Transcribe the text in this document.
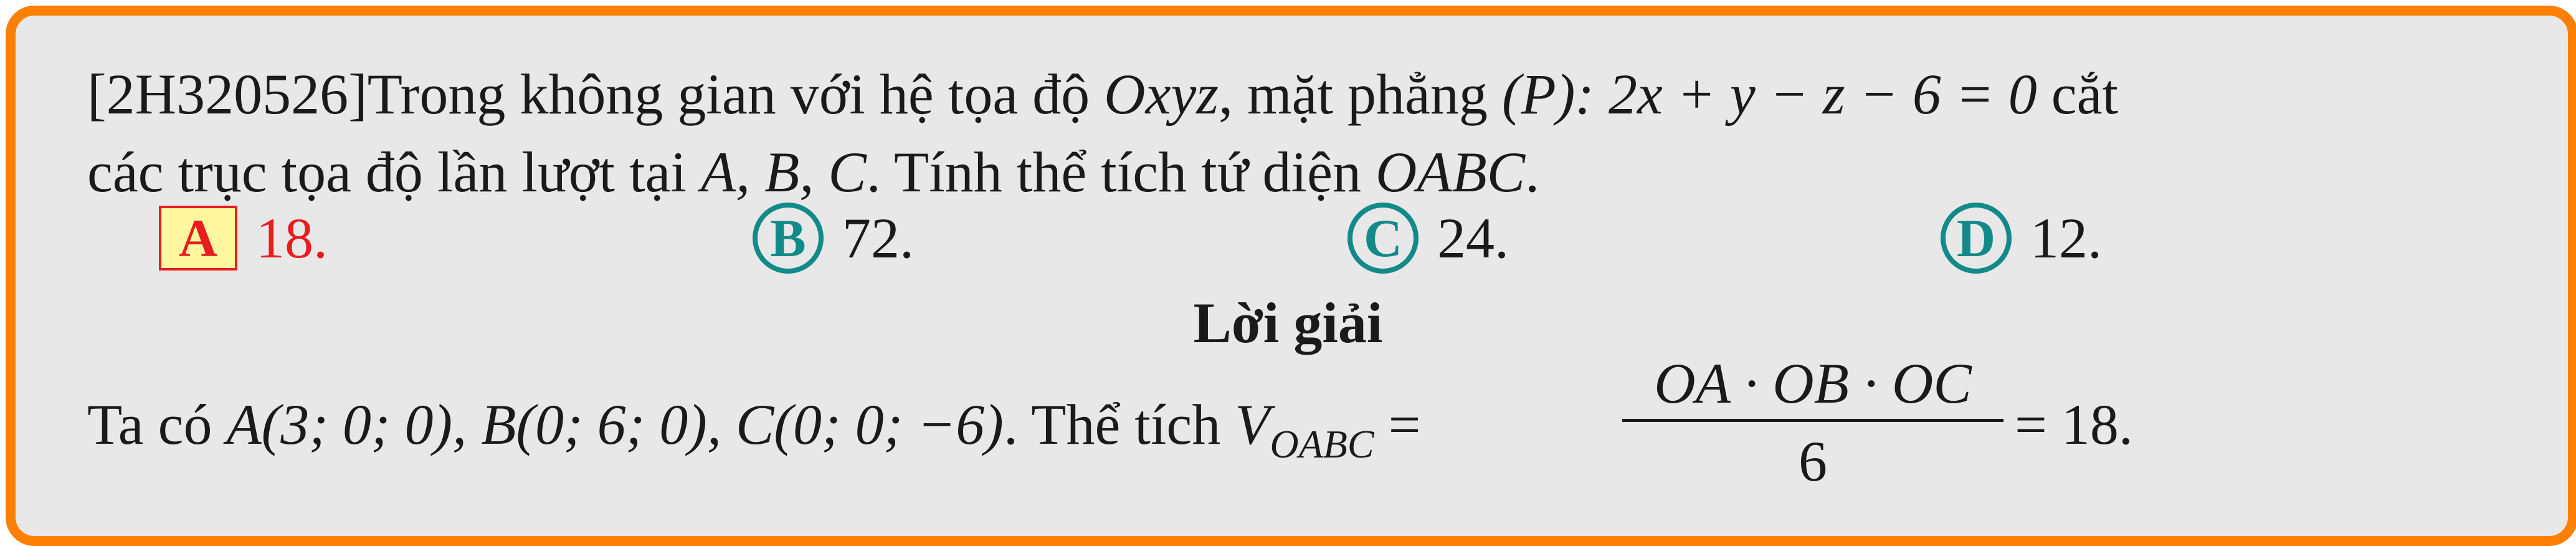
[2H320526]Trong không gian với hệ tọa độ Oxyz, mặt phẳng (P): 2x + y − z − 6 = 0 cắt
các trục tọa độ lần lượt tại A, B, C. Tính thể tích tứ diện OABC.
A 18.	B 72.	C 24.	D 12.
Lời giải
Ta có A(3; 0; 0), B(0; 6; 0), C(0; 0; −6). Thể tích $V_{OABC}$ =
OA · OB · OC
6
= 18.
